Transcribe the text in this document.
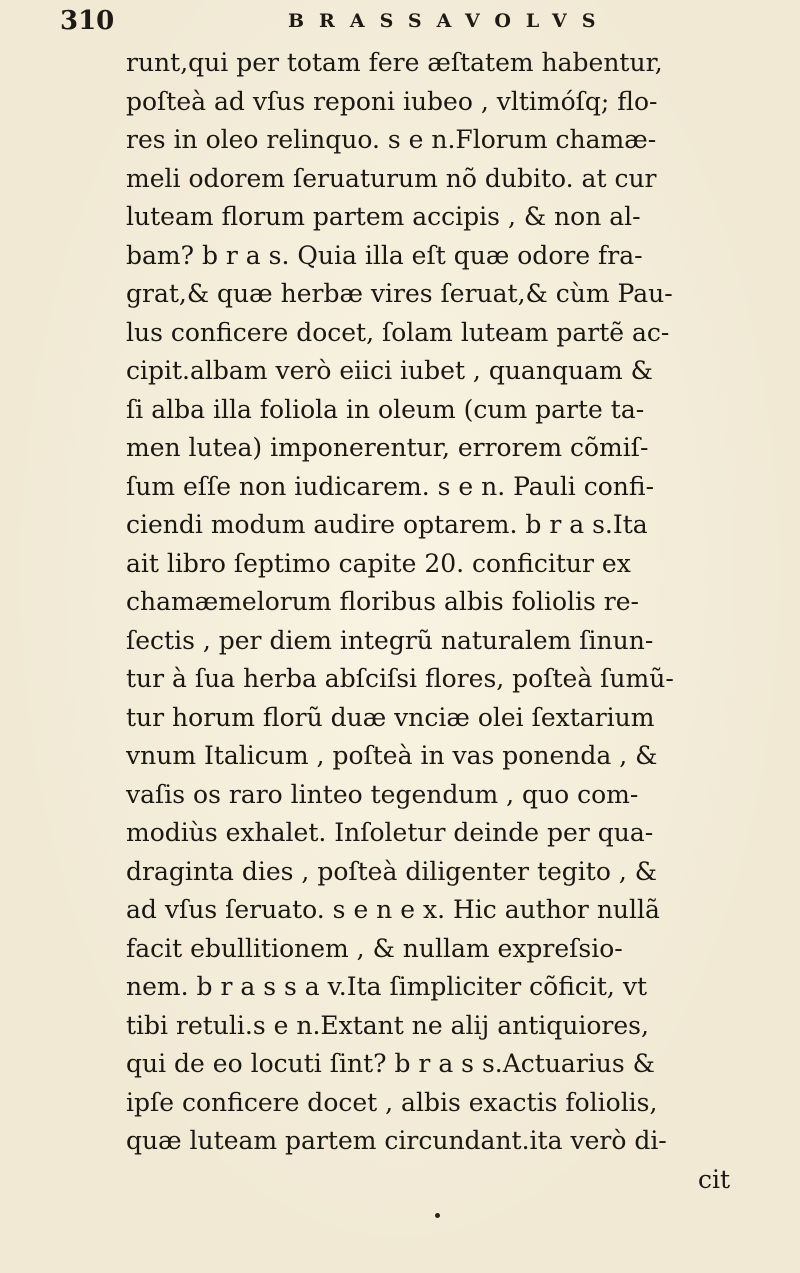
310	BRASSAVOLVS
runt,qui per totam fere æſtatem habentur,
poſteà ad vſus reponi iubeo , vltimóſq; flo-
res in oleo relinquo. s e n.Florum chamæ-
meli odorem ſeruaturum nõ dubito. at cur
luteam florum partem accipis , & non al-
bam? b r a s. Quia illa eſt quæ odore fra-
grat,& quæ herbæ vires ſeruat,& cùm Pau-
lus conficere docet, ſolam luteam partẽ ac-
cipit.albam verò eiici iubet , quanquam &
ſi alba illa foliola in oleum (cum parte ta-
men lutea) imponerentur, errorem cõmiſ-
ſum eſſe non iudicarem. s e n. Pauli confi-
ciendi modum audire optarem. b r a s.Ita
ait libro ſeptimo capite 20. conficitur ex
chamæmelorum floribus albis foliolis re-
ſectis , per diem integrũ naturalem ſinun-
tur à ſua herba abſciſsi flores, poſteà ſumũ-
tur horum florũ duæ vnciæ olei ſextarium
vnum Italicum , poſteà in vas ponenda , &
vaſis os raro linteo tegendum , quo com-
modiùs exhalet. Inſoletur deinde per qua-
draginta dies , poſteà diligenter tegito , &
ad vſus ſeruato. s e n e x. Hic author nullã
facit ebullitionem , & nullam expreſsio-
nem. b r a s s a v.Ita ſimpliciter cõficit, vt
tibi retuli.s e n.Extant ne alij antiquiores,
qui de eo locuti ſint? b r a s s.Actuarius &
ipſe conficere docet , albis exactis foliolis,
quæ luteam partem circundant.ita verò di-
cit
